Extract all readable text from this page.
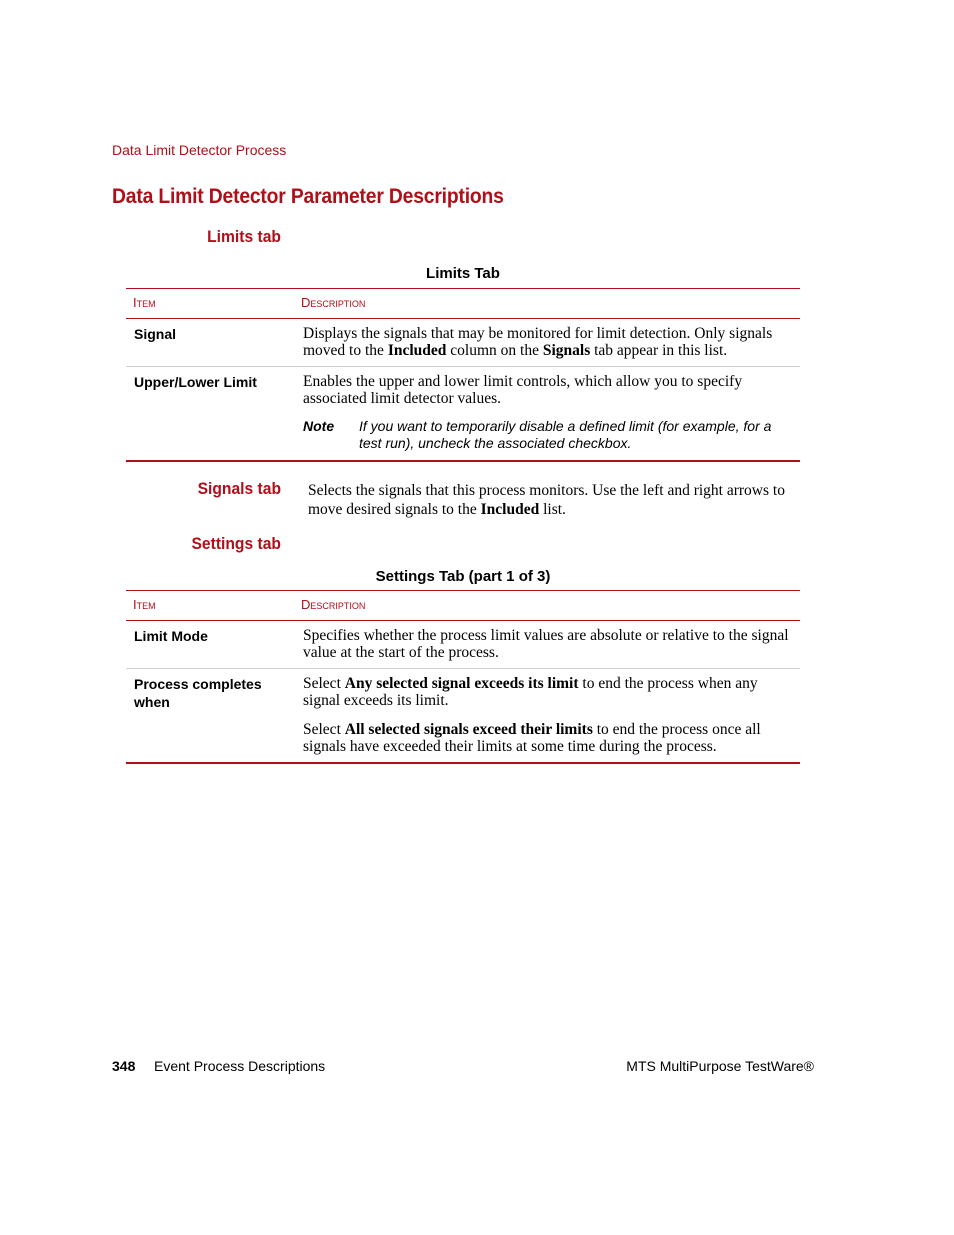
Data Limit Detector Process
Data Limit Detector Parameter Descriptions
Limits tab
Limits Tab
Item	Description
Signal	Displays the signals that may be monitored for limit detection. Only signals moved to the Included column on the Signals tab appear in this list.
Upper/Lower Limit	Enables the upper and lower limit controls, which allow you to specify associated limit detector values.
Note If you want to temporarily disable a defined limit (for example, for a test run), uncheck the associated checkbox.
Signals tab Selects the signals that this process monitors. Use the left and right arrows to move desired signals to the Included list.
Settings tab
Settings Tab (part 1 of 3)
Item	Description
Limit Mode	Specifies whether the process limit values are absolute or relative to the signal value at the start of the process.
Process completes when	Select Any selected signal exceeds its limit to end the process when any signal exceeds its limit.
Select All selected signals exceed their limits to end the process once all signals have exceeded their limits at some time during the process.
348 Event Process Descriptions	MTS MultiPurpose TestWare®
